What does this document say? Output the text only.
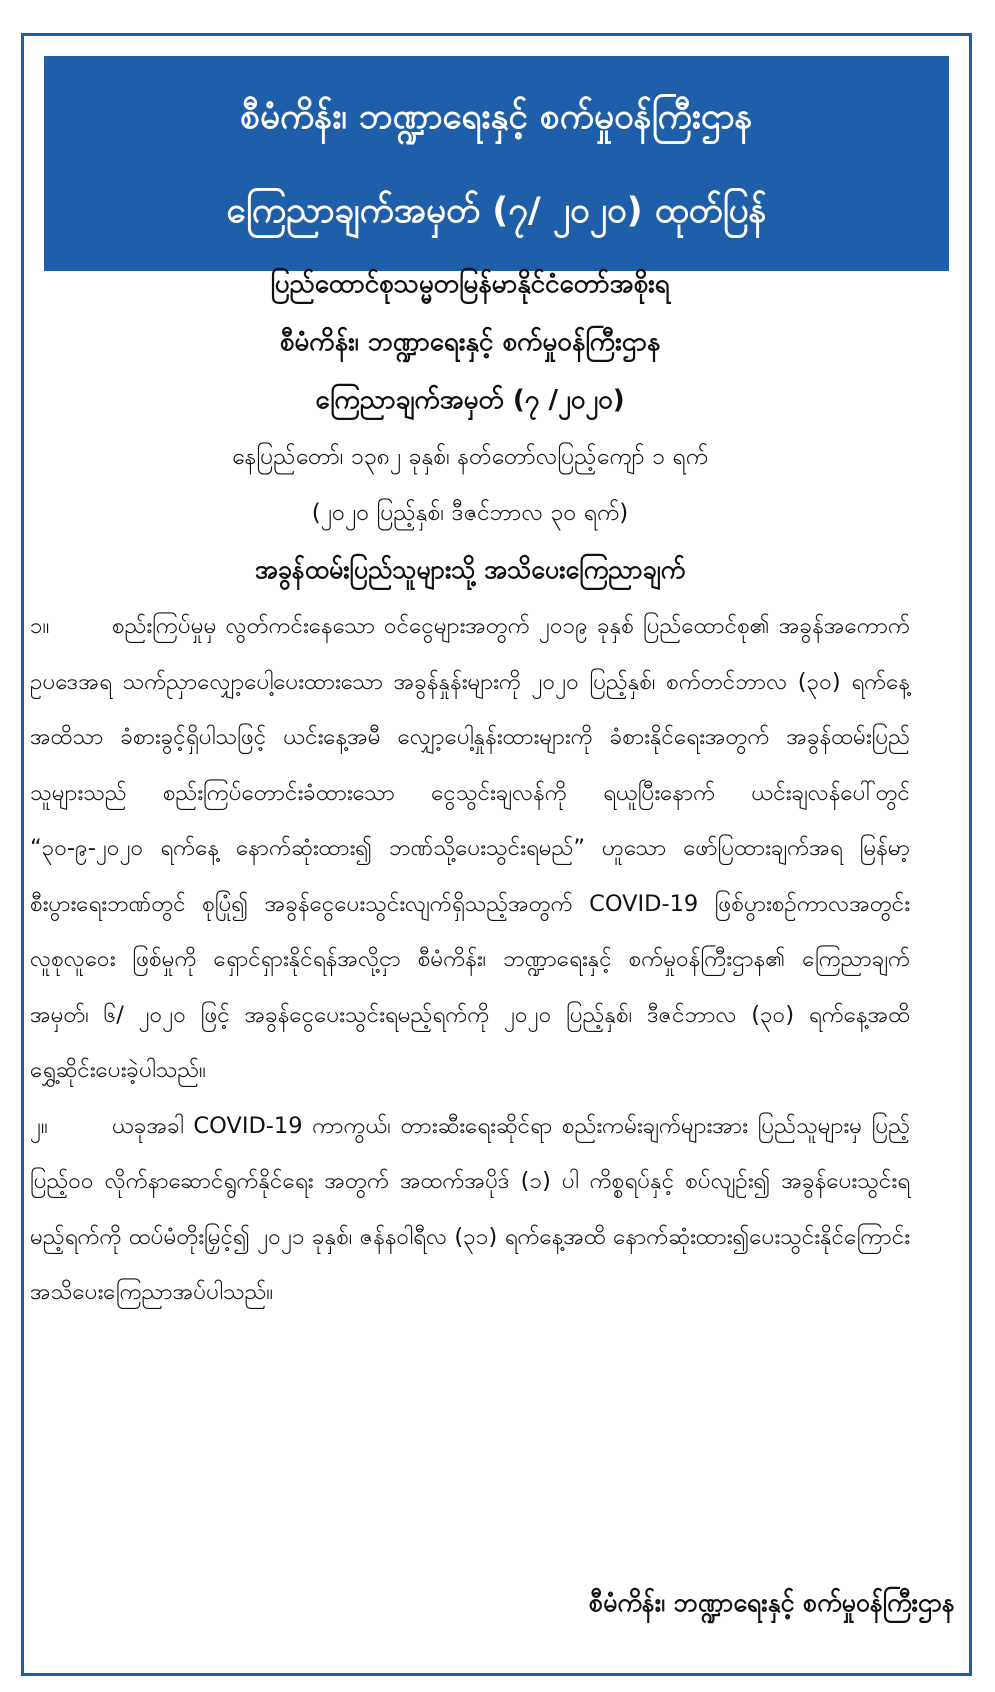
စီမံကိန်း၊ ဘဏ္ဍာရေးနှင့် စက်မှုဝန်ကြီးဌာန
ကြေညာချက်အမှတ် (၇/ ၂၀၂၀) ထုတ်ပြန်
ပြည်ထောင်စုသမ္မတမြန်မာနိုင်ငံတော်အစိုးရ
စီမံကိန်း၊ ဘဏ္ဍာရေးနှင့် စက်မှုဝန်ကြီးဌာန
ကြေညာချက်အမှတ် (၇ /၂၀၂၀)
နေပြည်တော်၊ ၁၃၈၂ ခုနှစ်၊ နတ်တော်လပြည့်ကျော် ၁ ရက်
(၂၀၂၀ ပြည့်နှစ်၊ ဒီဇင်ဘာလ ၃၀ ရက်)
အခွန်ထမ်းပြည်သူများသို့ အသိပေးကြေညာချက်

၁။	စည်းကြပ်မှုမှ လွတ်ကင်းနေသော ဝင်ငွေများအတွက် ၂၀၁၉ ခုနှစ် ပြည်ထောင်စု၏ အခွန်အကောက်ဥပဒေအရ သက်ညှာလျှော့ပေါ့ပေးထားသော အခွန်နှုန်းများကို ၂၀၂၀ ပြည့်နှစ်၊ စက်တင်ဘာလ (၃၀) ရက်နေ့ အထိသာ ခံစားခွင့်ရှိပါသဖြင့် ယင်းနေ့အမီ လျှော့ပေါ့နှုန်းထားများကို ခံစားနိုင်ရေးအတွက် အခွန်ထမ်းပြည်သူများသည် စည်းကြပ်တောင်းခံထားသော ငွေသွင်းချလန်ကို ရယူပြီးနောက် ယင်းချလန်ပေါ်တွင် “၃၀-၉-၂၀၂၀ ရက်နေ့ နောက်ဆုံးထား၍ ဘဏ်သို့ပေးသွင်းရမည်” ဟူသော ဖော်ပြထားချက်အရ မြန်မာ့စီးပွားရေးဘဏ်တွင် စုပြုံ၍ အခွန်ငွေပေးသွင်းလျက်ရှိသည့်အတွက် COVID-19 ဖြစ်ပွားစဉ်ကာလအတွင်း လူစုလူဝေး ဖြစ်မှုကို ရှောင်ရှားနိုင်ရန်အလို့ငှာ စီမံကိန်း၊ ဘဏ္ဍာရေးနှင့် စက်မှုဝန်ကြီးဌာန၏ ကြေညာချက်အမှတ်၊ ၆/ ၂၀၂၀ ဖြင့် အခွန်ငွေပေးသွင်းရမည့်ရက်ကို ၂၀၂၀ ပြည့်နှစ်၊ ဒီဇင်ဘာလ (၃၀) ရက်နေ့အထိ ရွှေ့ဆိုင်းပေးခဲ့ပါသည်။

၂။	ယခုအခါ COVID-19 ကာကွယ်၊ တားဆီးရေးဆိုင်ရာ စည်းကမ်းချက်များအား ပြည်သူများမှ ပြည့်ပြည့်ဝဝ လိုက်နာဆောင်ရွက်နိုင်ရေး အတွက် အထက်အပိုဒ် (၁) ပါ ကိစ္စရပ်နှင့် စပ်လျဉ်း၍ အခွန်ပေးသွင်းရမည့်ရက်ကို ထပ်မံတိုးမြှင့်၍ ၂၀၂၁ ခုနှစ်၊ ဇန်နဝါရီလ (၃၁) ရက်နေ့အထိ နောက်ဆုံးထား၍ပေးသွင်းနိုင်ကြောင်း အသိပေးကြေညာအပ်ပါသည်။

စီမံကိန်း၊ ဘဏ္ဍာရေးနှင့် စက်မှုဝန်ကြီးဌာန
